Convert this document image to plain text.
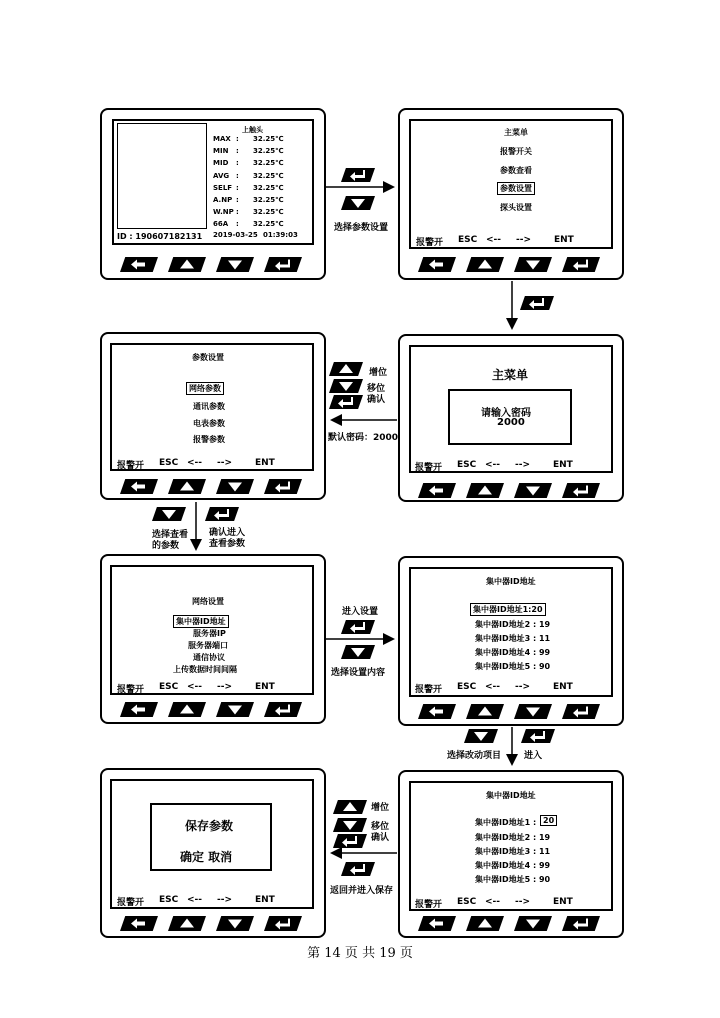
上触头
MAX : 32.25℃
MIN : 32.25℃
MID : 32.25℃
AVG : 32.25℃
SELF : 32.25℃
A.NP : 32.25℃
W.NP : 32.25℃
66A : 32.25℃
2019-03-25 01:39:03
ID : 190607182131
主菜单
报警开关
参数查看
参数设置
探头设置
参数设置
网络参数
通讯参数
电表参数
报警参数
主菜单
请输入密码
2000
网络设置
集中器ID地址
服务器IP
服务器端口
通信协议
上传数据时间间隔
集中器ID地址
集中器ID地址1:20
集中器ID地址2 : 19
集中器ID地址3 : 11
集中器ID地址4 : 99
集中器ID地址5 : 90
保存参数
确定 取消
集中器ID地址
集中器ID地址1 : 20
集中器ID地址2 : 19
集中器ID地址3 : 11
集中器ID地址4 : 99
集中器ID地址5 : 90
报警开 ESC <-- -->	ENT
报警开 ESC <-- -->	ENT	报警开 ESC <-- -->	ENT
报警开 ESC <-- -->	ENT	报警开 ESC <-- -->	ENT
报警开 ESC <-- -->	ENT	报警开 ESC <-- -->	ENT
选择参数设置
增位
移位
确认
默认密码：2000
选择查看
的参数
确认进入
查看参数
进入设置
选择设置内容
选择改动项目	进入
增位
移位
确认
返回并进入保存
第 14 页 共 19 页
